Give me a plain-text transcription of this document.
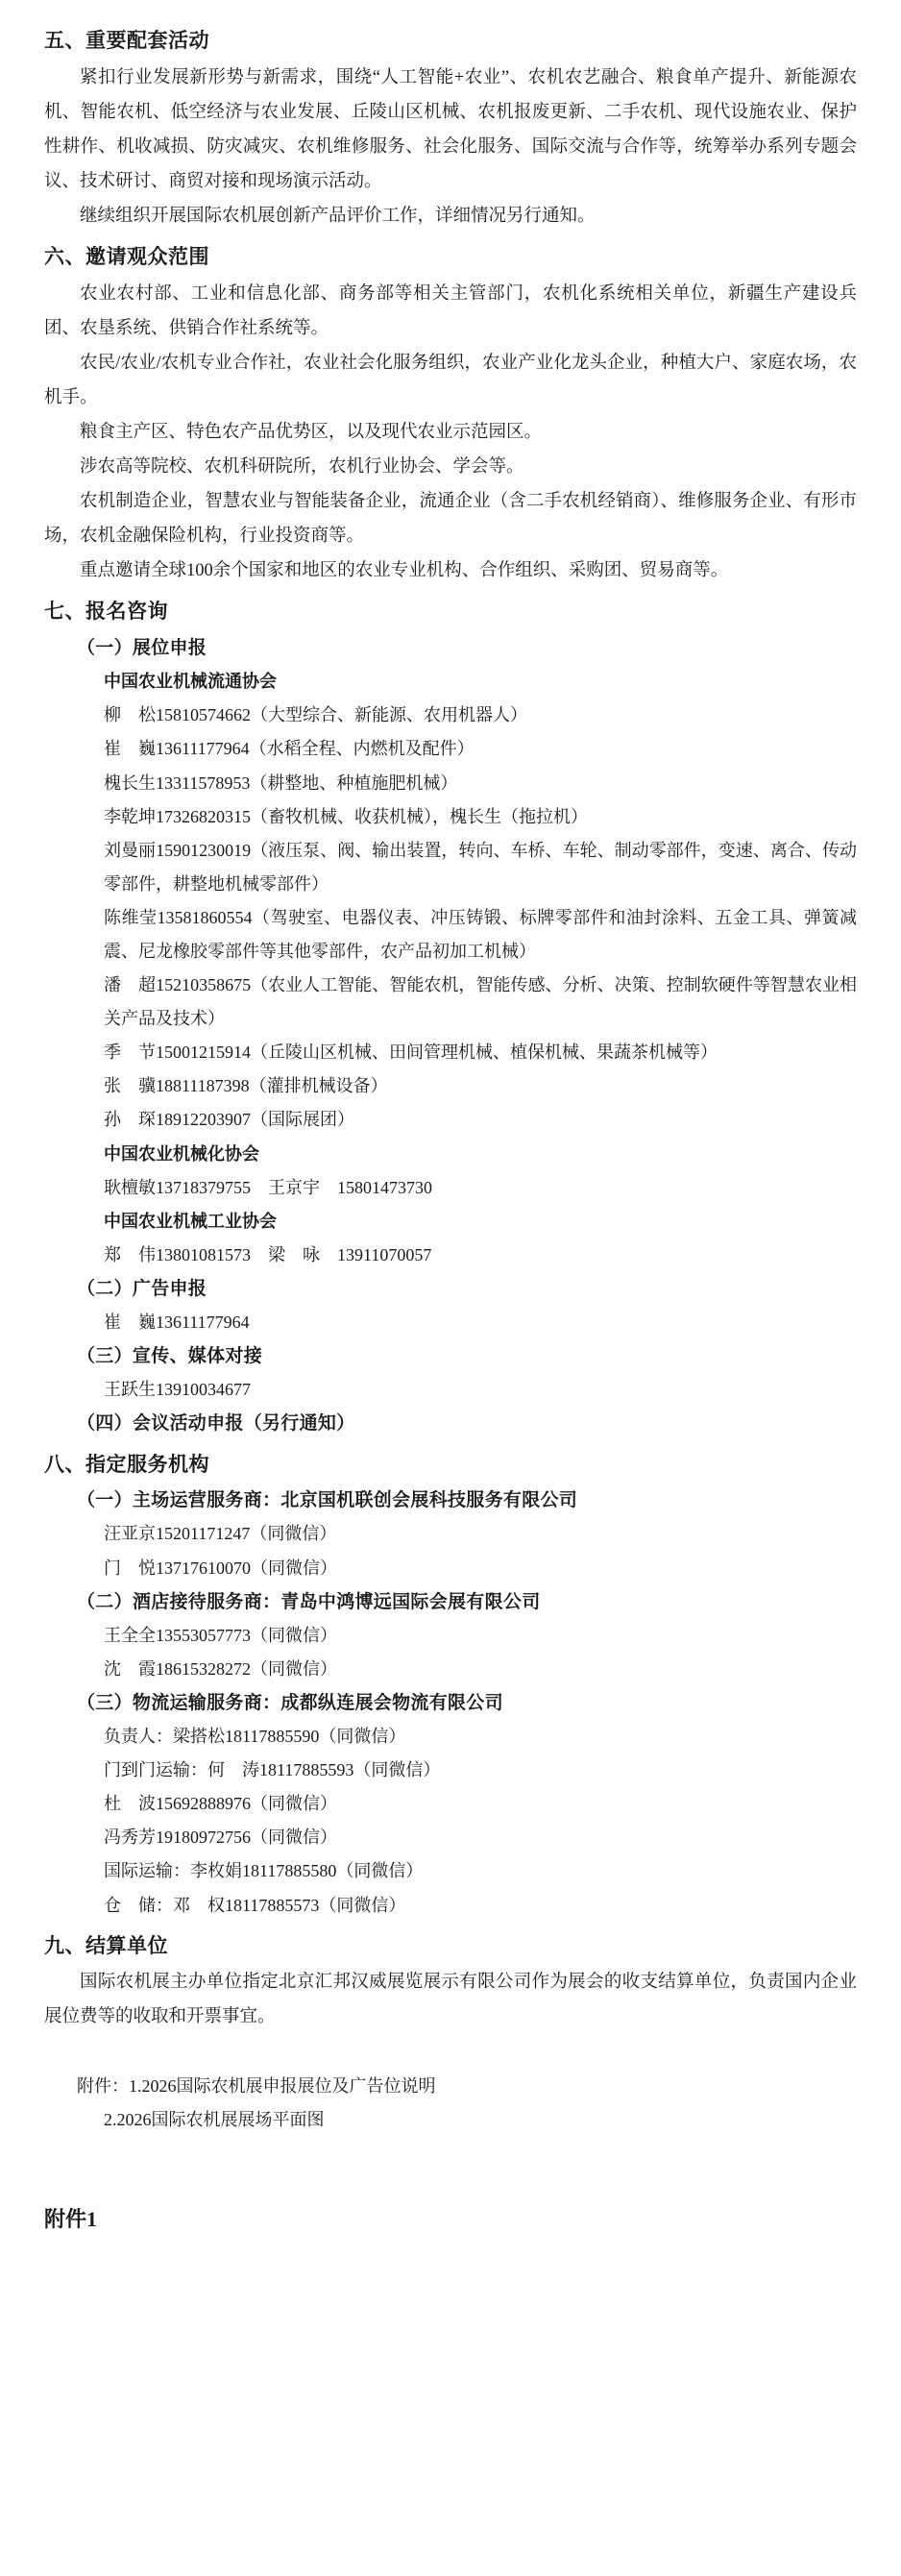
五、重要配套活动

紧扣行业发展新形势与新需求，围绕“人工智能+农业”、农机农艺融合、粮食单产提升、新能源农机、智能农机、低空经济与农业发展、丘陵山区机械、农机报废更新、二手农机、现代设施农业、保护性耕作、机收减损、防灾减灾、农机维修服务、社会化服务、国际交流与合作等，统筹举办系列专题会议、技术研讨、商贸对接和现场演示活动。

继续组织开展国际农机展创新产品评价工作，详细情况另行通知。

六、邀请观众范围

农业农村部、工业和信息化部、商务部等相关主管部门，农机化系统相关单位，新疆生产建设兵团、农垦系统、供销合作社系统等。

农民/农业/农机专业合作社，农业社会化服务组织，农业产业化龙头企业，种植大户、家庭农场，农机手。

粮食主产区、特色农产品优势区，以及现代农业示范园区。

涉农高等院校、农机科研院所，农机行业协会、学会等。

农机制造企业，智慧农业与智能装备企业，流通企业（含二手农机经销商）、维修服务企业、有形市场，农机金融保险机构，行业投资商等。

重点邀请全球100余个国家和地区的农业专业机构、合作组织、采购团、贸易商等。

七、报名咨询
（一）展位申报
中国农业机械流通协会

柳　松15810574662（大型综合、新能源、农用机器人）

崔　巍13611177964（水稻全程、内燃机及配件）

槐长生13311578953（耕整地、种植施肥机械）

李乾坤17326820315（畜牧机械、收获机械），槐长生（拖拉机）

刘曼丽15901230019（液压泵、阀、输出装置，转向、车桥、车轮、制动零部件，变速、离合、传动零部件，耕整地机械零部件）

陈维莹13581860554（驾驶室、电器仪表、冲压铸锻、标牌零部件和油封涂料、五金工具、弹簧减震、尼龙橡胶零部件等其他零部件，农产品初加工机械）

潘　超15210358675（农业人工智能、智能农机，智能传感、分析、决策、控制软硬件等智慧农业相关产品及技术）

季　节15001215914（丘陵山区机械、田间管理机械、植保机械、果蔬茶机械等）

张　骥18811187398（灌排机械设备）

孙　琛18912203907（国际展团）

中国农业机械化协会

耿檀敏13718379755　王京宇　15801473730

中国农业机械工业协会

郑　伟13801081573　梁　咏　13911070057

（二）广告申报

崔　巍13611177964

（三）宣传、媒体对接

王跃生13910034677

（四）会议活动申报（另行通知）
八、指定服务机构
（一）主场运营服务商：北京国机联创会展科技服务有限公司

汪亚京15201171247（同微信）

门　悦13717610070（同微信）

（二）酒店接待服务商：青岛中鸿博远国际会展有限公司

王全全13553057773（同微信）

沈　霞18615328272（同微信）

（三）物流运输服务商：成都纵连展会物流有限公司

负责人：梁搭松18117885590（同微信）

门到门运输：何　涛18117885593（同微信）

杜　波15692888976（同微信）

冯秀芳19180972756（同微信）

国际运输：李枚娟18117885580（同微信）

仓　储：邓　权18117885573（同微信）

九、结算单位

国际农机展主办单位指定北京汇邦汉威展览展示有限公司作为展会的收支结算单位，负责国内企业展位费等的收取和开票事宜。

附件：1.2026国际农机展申报展位及广告位说明

2.2026国际农机展展场平面图

附件1
